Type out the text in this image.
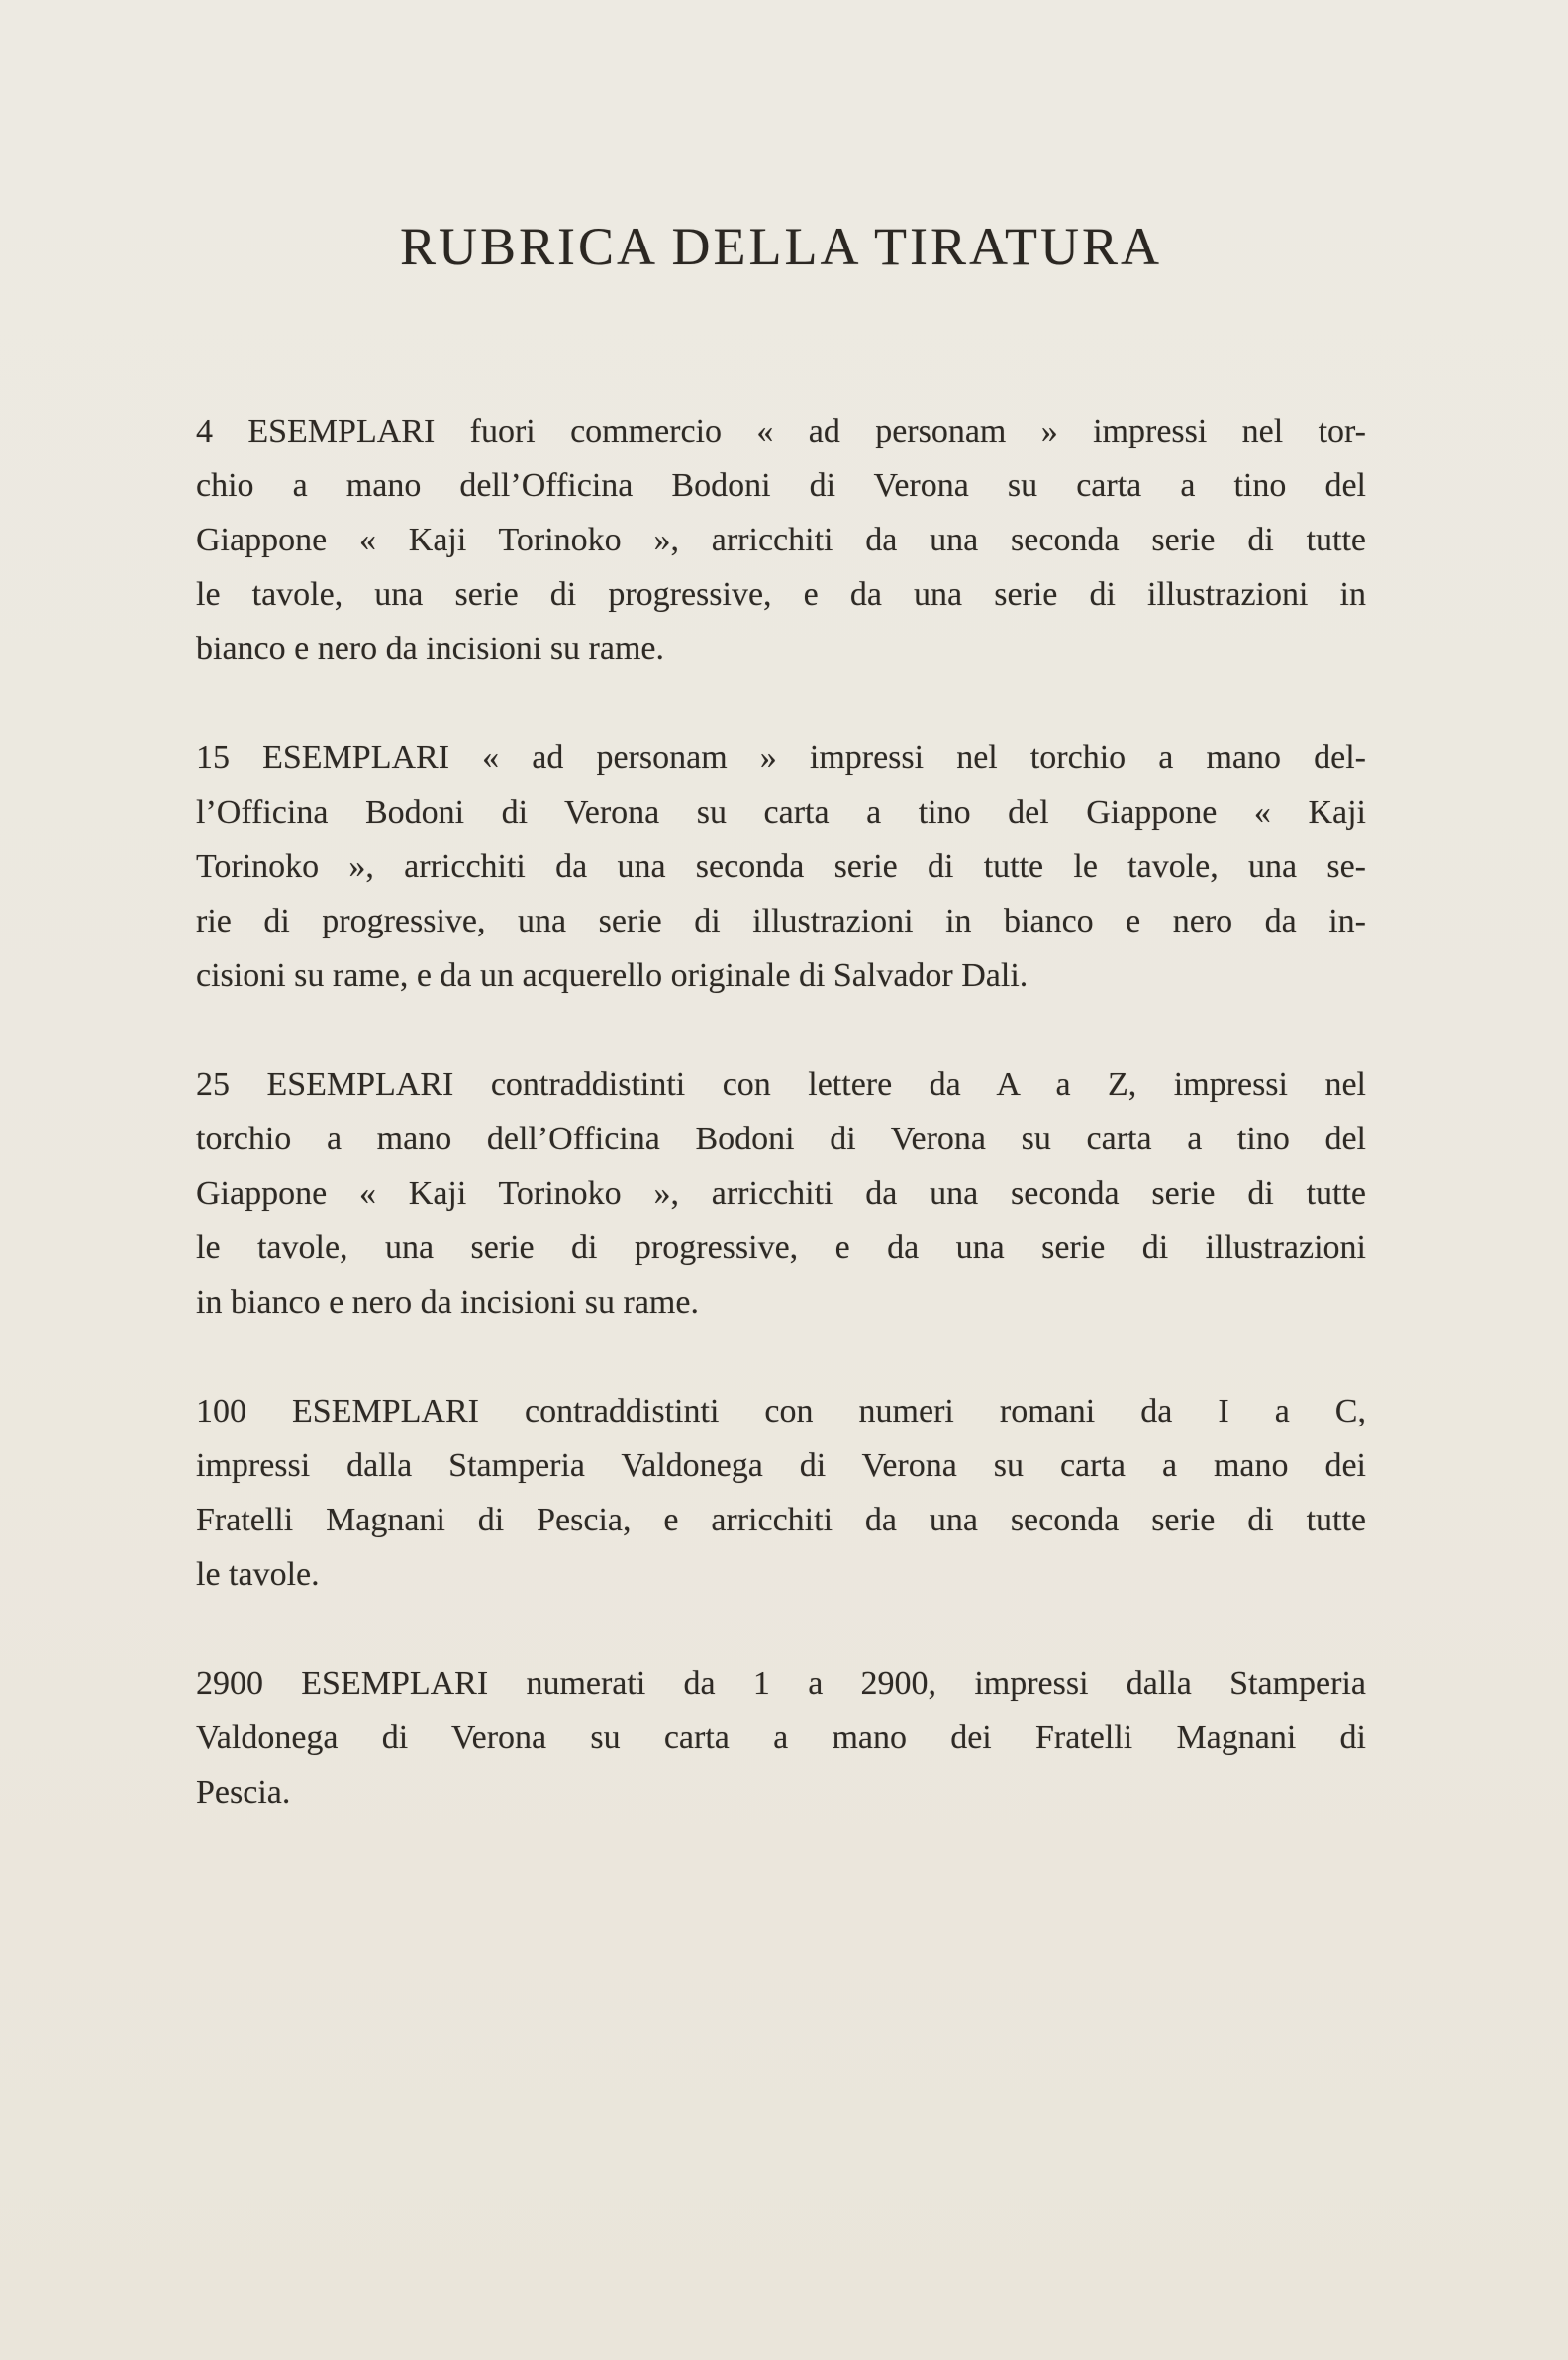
RUBRICA DELLA TIRATURA

4 ESEMPLARI fuori commercio « ad personam » impressi nel tor-
chio a mano dell’Officina Bodoni di Verona su carta a tino del
Giappone « Kaji Torinoko », arricchiti da una seconda serie di tutte
le tavole, una serie di progressive, e da una serie di illustrazioni in
bianco e nero da incisioni su rame.

15 ESEMPLARI « ad personam » impressi nel torchio a mano del-
l’Officina Bodoni di Verona su carta a tino del Giappone « Kaji
Torinoko », arricchiti da una seconda serie di tutte le tavole, una se-
rie di progressive, una serie di illustrazioni in bianco e nero da in-
cisioni su rame, e da un acquerello originale di Salvador Dali.

25 ESEMPLARI contraddistinti con lettere da A a Z, impressi nel
torchio a mano dell’Officina Bodoni di Verona su carta a tino del
Giappone « Kaji Torinoko », arricchiti da una seconda serie di tutte
le tavole, una serie di progressive, e da una serie di illustrazioni
in bianco e nero da incisioni su rame.

100 ESEMPLARI contraddistinti con numeri romani da I a C,
impressi dalla Stamperia Valdonega di Verona su carta a mano dei
Fratelli Magnani di Pescia, e arricchiti da una seconda serie di tutte
le tavole.

2900 ESEMPLARI numerati da 1 a 2900, impressi dalla Stamperia
Valdonega di Verona su carta a mano dei Fratelli Magnani di
Pescia.
